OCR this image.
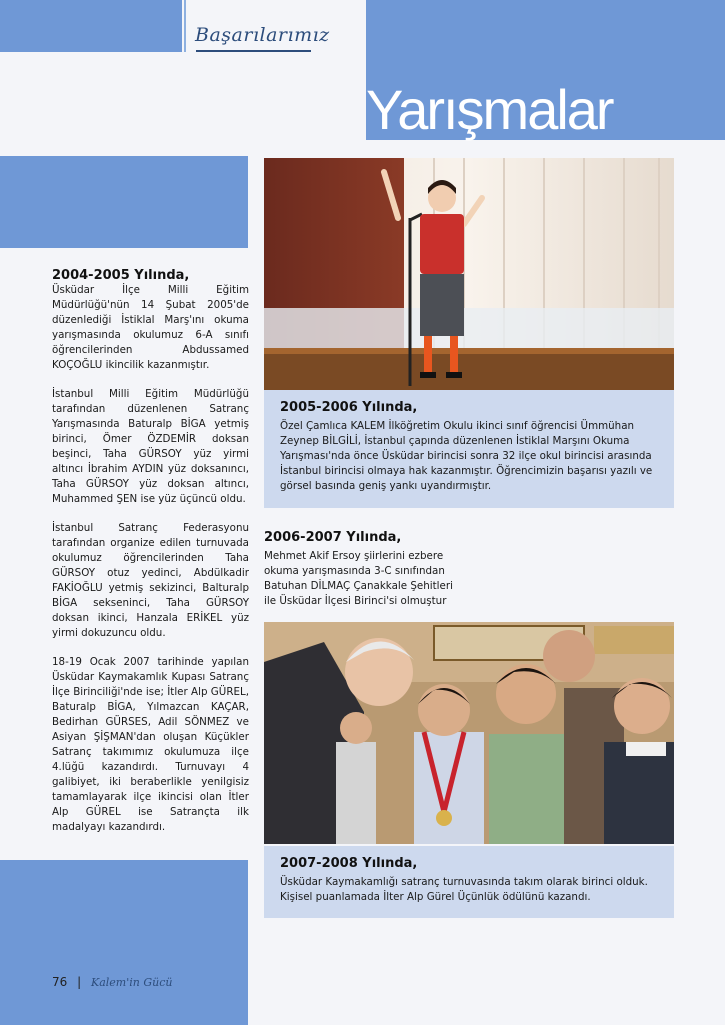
Başarılarımız
Yarışmalar
2004-2005 Yılında,

Üsküdar İlçe Milli Eğitim Müdürlüğü'nün 14 Şubat 2005'de düzenlediği İstiklal Marş'ını okuma yarışmasında okulumuz 6-A sınıfı öğrencilerinden Abdussamed KOÇOĞLU ikincilik kazanmıştır.

İstanbul Milli Eğitim Müdürlüğü tarafından düzenlenen Satranç Yarışmasında Baturalp BİGA yetmiş birinci, Ömer ÖZDEMİR doksan beşinci, Taha GÜRSOY yüz yirmi altıncı İbrahim AYDIN yüz doksanıncı, Taha GÜRSOY yüz doksan altıncı, Muhammed ŞEN ise yüz üçüncü oldu.

İstanbul Satranç Federasyonu tarafından organize edilen turnuvada okulumuz öğrencilerinden Taha GÜRSOY otuz yedinci, Abdülkadir FAKİOĞLU yetmiş sekizinci, Balturalp BİGA sekseninci, Taha GÜRSOY doksan ikinci, Hanzala ERİKEL yüz yirmi dokuzuncu oldu.

18-19 Ocak 2007 tarihinde yapılan Üsküdar Kaymakamlık Kupası Satranç İlçe Birinciliği'nde ise; İtler Alp GÜREL, Baturalp BİGA, Yılmazcan KAÇAR, Bedirhan GÜRSES, Adil SÖNMEZ ve Asiyan ŞİŞMAN'dan oluşan Küçükler Satranç takımımız okulumuza ilçe 4.lüğü kazandırdı. Turnuvayı 4 galibiyet, iki beraberlikle yenilgisiz tamamlayarak ilçe ikincisi olan İtler Alp GÜREL ise Satrançta ilk madalyayı kazandırdı.

2005-2006 Yılında,

Özel Çamlıca KALEM İlköğretim Okulu ikinci sınıf öğrencisi Ümmühan Zeynep BİLGİLİ, İstanbul çapında düzenlenen İstiklal Marşını Okuma Yarışması'nda önce Üsküdar birincisi sonra 32 ilçe okul birincisi arasında İstanbul birincisi olmaya hak kazanmıştır. Öğrencimizin başarısı yazılı ve görsel basında geniş yankı uyandırmıştır.

2006-2007 Yılında,

Mehmet Akif Ersoy şiirlerini ezbere okuma yarışmasında 3-C sınıfından Batuhan DİLMAÇ Çanakkale Şehitleri ile Üsküdar İlçesi Birinci'si olmuştur

2007-2008 Yılında,

Üsküdar Kaymakamlığı satranç turnuvasında takım olarak birinci olduk. Kişisel puanlamada İlter Alp Gürel Üçünlük ödülünü kazandı.

76 | Kalem'in Gücü
